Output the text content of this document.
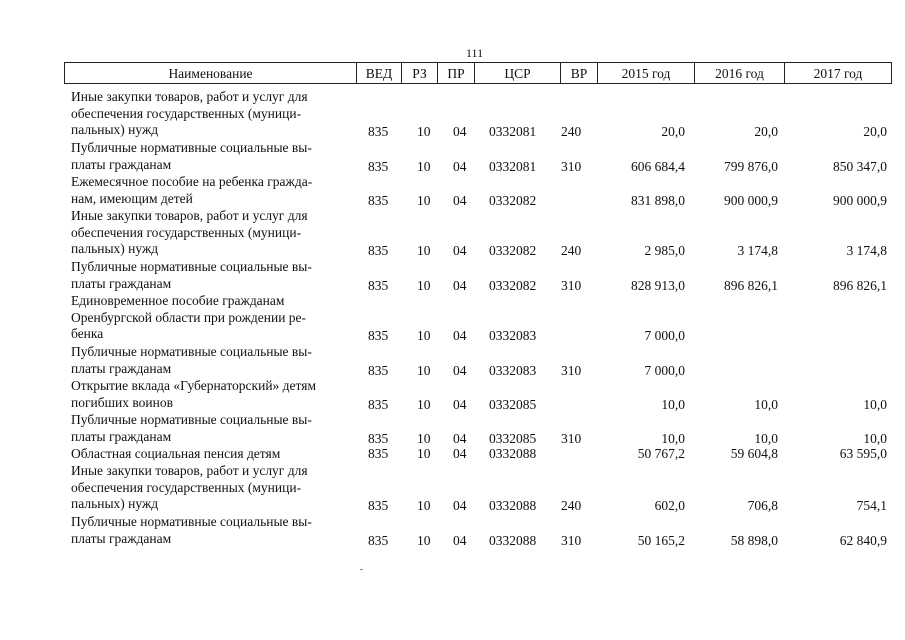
111
Наименование	ВЕД	РЗ	ПР	ЦСР	ВР	2015 год	2016 год	2017 год
Иные закупки товаров, работ и услуг для
обеспечения государственных (муници-
пальных) нужд	835 10 04 0332081 240	20,0	20,0	20,0
Публичные нормативные социальные вы-
платы гражданам	835 10 04 0332081 310	606 684,4	799 876,0	850 347,0
Ежемесячное пособие на ребенка гражда-
нам, имеющим детей	835 10 04 0332082	831 898,0	900 000,9	900 000,9
Иные закупки товаров, работ и услуг для
обеспечения государственных (муници-
пальных) нужд	835 10 04 0332082 240	2 985,0	3 174,8	3 174,8
Публичные нормативные социальные вы-
платы гражданам	835 10 04 0332082 310	828 913,0	896 826,1	896 826,1
Единовременное пособие гражданам
Оренбургской области при рождении ре-
бенка	835 10 04 0332083	7 000,0
Публичные нормативные социальные вы-
платы гражданам	835 10 04 0332083 310	7 000,0
Открытие вклада «Губернаторский» детям
погибших воинов	835 10 04 0332085	10,0	10,0	10,0
Публичные нормативные социальные вы-
платы гражданам	835 10 04 0332085 310	10,0	10,0	10,0
Областная социальная пенсия детям	835 10 04 0332088	50 767,2	59 604,8	63 595,0
Иные закупки товаров, работ и услуг для
обеспечения государственных (муници-
пальных) нужд	835 10 04 0332088 240	602,0	706,8	754,1
Публичные нормативные социальные вы-
платы гражданам	835 10 04 0332088 310	50 165,2	58 898,0	62 840,9
